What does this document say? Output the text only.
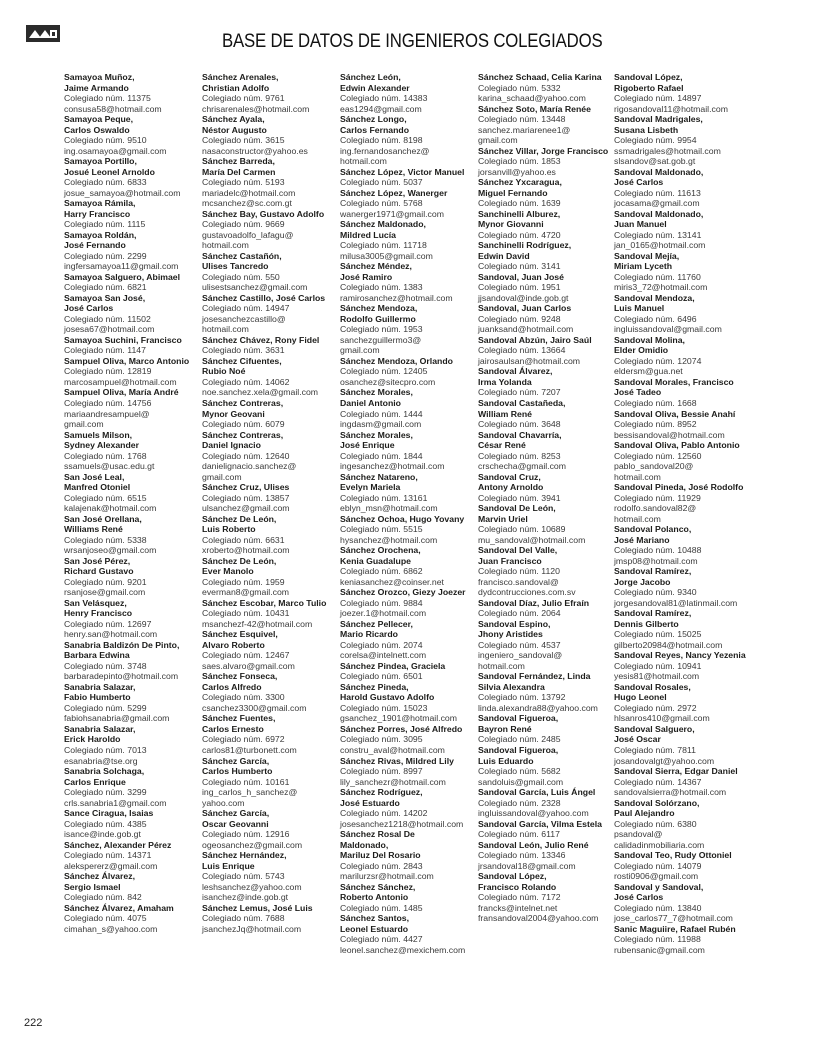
BASE DE DATOS DE INGENIEROS COLEGIADOS
Samayoa Muñoz,
Jaime Armando
Colegiado núm. 11375
consusa58@hotmail.com
Samayoa Peque,
Carlos Oswaldo
Colegiado núm. 9510
ing.osamayoa@gmail.com
Samayoa Portillo,
Josué Leonel Arnoldo
Colegiado núm. 6833
josue_samayoa@hotmail.com
Samayoa Rámila,
Harry Francisco
Colegiado núm. 1115
Samayoa Roldán,
José Fernando
Colegiado núm. 2299
ingfersamayoa11@gmail.com
Samayoa Salguero, Abimael
Colegiado núm. 6821
Samayoa San José,
José Carlos
Colegiado núm. 11502
josesa67@hotmail.com
Samayoa Suchini, Francisco
Colegiado núm. 1147
Sampuel Oliva, Marco Antonio
Colegiado núm. 12819
marcosampuel@hotmail.com
Sampuel Oliva, María André
Colegiado núm. 14756
mariaandresampuel@
gmail.com
Samuels Milson,
Sydney Alexander
Colegiado núm. 1768
ssamuels@usac.edu.gt
San José Leal,
Manfred Otoniel
Colegiado núm. 6515
kalajenak@hotmail.com
San José Orellana,
Williams René
Colegiado núm. 5338
wrsanjoseo@gmail.com
San José Pérez,
Richard Gustavo
Colegiado núm. 9201
rsanjose@gmail.com
San Velásquez,
Henry Francisco
Colegiado núm. 12697
henry.san@hotmail.com
Sanabria Baldizón De Pinto,
Barbara Edwina
Colegiado núm. 3748
barbaradepinto@hotmail.com
Sanabria Salazar,
Fabio Humberto
Colegiado núm. 5299
fabiohsanabria@gmail.com
Sanabria Salazar,
Erick Haroldo
Colegiado núm. 7013
esanabria@tse.org
Sanabria Solchaga,
Carlos Enrique
Colegiado núm. 3299
crls.sanabria1@gmail.com
Sance Ciragua, Isaias
Colegiado núm. 4385
isance@inde.gob.gt
Sánchez, Alexander Pérez
Colegiado núm. 14371
alekspererz@gmail.com
Sánchez Álvarez,
Sergio Ismael
Colegiado núm. 842
Sánchez Álvarez, Amaham
Colegiado núm. 4075
cimahan_s@yahoo.com
Sánchez Arenales,
Christian Adolfo
Colegiado núm. 9761
chrisarenales@hotmail.com
Sánchez Ayala,
Néstor Augusto
Colegiado núm. 3615
nasaconstructor@yahoo.es
Sánchez Barreda,
María Del Carmen
Colegiado núm. 5193
mariadelc@hotmail.com
mcsanchez@sc.com.gt
Sánchez Bay, Gustavo Adolfo
Colegiado núm. 9669
gustavoadolfo_lafagu@
hotmail.com
Sánchez Castañón,
Ulises Tancredo
Colegiado núm. 550
ulisestsanchez@gmail.com
Sánchez Castillo, José Carlos
Colegiado núm. 14947
josesanchezcastillo@
hotmail.com
Sánchez Chávez, Rony Fidel
Colegiado núm. 3631
Sánchez Cifuentes,
Rubio Noé
Colegiado núm. 14062
noe.sanchez.xela@gmail.com
Sánchez Contreras,
Mynor Geovani
Colegiado núm. 6079
Sánchez Contreras,
Daniel Ignacio
Colegiado núm. 12640
danielignacio.sanchez@
gmail.com
Sánchez Cruz, Ulises
Colegiado núm. 13857
ulsanchez@gmail.com
Sánchez De León,
Luis Roberto
Colegiado núm. 6631
xroberto@hotmail.com
Sánchez De León,
Ever Manolo
Colegiado núm. 1959
everman8@gmail.com
Sánchez Escobar, Marco Tulio
Colegiado núm. 10431
msanchezf-42@hotmail.com
Sánchez Esquivel,
Alvaro Roberto
Colegiado núm. 12467
saes.alvaro@gmail.com
Sánchez Fonseca,
Carlos Alfredo
Colegiado núm. 3300
csanchez3300@gmail.com
Sánchez Fuentes,
Carlos Ernesto
Colegiado núm. 6972
carlos81@turbonett.com
Sánchez García,
Carlos Humberto
Colegiado núm. 10161
ing_carlos_h_sanchez@
yahoo.com
Sánchez García,
Oscar Geovanni
Colegiado núm. 12916
ogeosanchez@gmail.com
Sánchez Hernández,
Luis Enrique
Colegiado núm. 5743
leshsanchez@yahoo.com
isanchez@inde.gob.gt
Sánchez Lemus, José Luis
Colegiado núm. 7688
jsanchezJq@hotmail.com
Sánchez León,
Edwin Alexander
Colegiado núm. 14383
eas1294@gmail.com
Sánchez Longo,
Carlos Fernando
Colegiado núm. 8198
ing.fernandosanchez@
hotmail.com
Sánchez López, Victor Manuel
Colegiado núm. 5037
Sánchez López, Wanerger
Colegiado núm. 5768
wanerger1971@gmail.com
Sánchez Maldonado,
Mildred Lucía
Colegiado núm. 11718
milusa3005@gmail.com
Sánchez Méndez,
José Ramiro
Colegiado núm. 1383
ramirosanchez@hotmail.com
Sánchez Mendoza,
Rodolfo Guillermo
Colegiado núm. 1953
sanchezguillermo3@
gmail.com
Sánchez Mendoza, Orlando
Colegiado núm. 12405
osanchez@sitecpro.com
Sánchez Morales,
Daniel Antonio
Colegiado núm. 1444
ingdasm@gmail.com
Sánchez Morales,
José Enrique
Colegiado núm. 1844
ingesanchez@hotmail.com
Sánchez Natareno,
Evelyn Mariela
Colegiado núm. 13161
eblyn_msn@hotmail.com
Sánchez Ochoa, Hugo Yovany
Colegiado núm. 5515
hysanchez@hotmail.com
Sánchez Orochena,
Kenia Guadalupe
Colegiado núm. 6862
keniasanchez@coinser.net
Sánchez Orozco, Giezy Joezer
Colegiado núm. 9884
joezer.1@hotmail.com
Sánchez Pellecer,
Mario Ricardo
Colegiado núm. 2074
corelsa@intelnett.com
Sánchez Pindea, Graciela
Colegiado núm. 6501
Sánchez Pineda,
Harold Gustavo Adolfo
Colegiado núm. 15023
gsanchez_1901@hotmail.com
Sánchez Porres, José Alfredo
Colegiado núm. 3095
constru_aval@hotmail.com
Sánchez Rivas, Mildred Lily
Colegiado núm. 8997
lily_sanchezr@hotmail.com
Sánchez Rodríguez,
José Estuardo
Colegiado núm. 14202
josesanchez1218@hotmail.com
Sánchez Rosal De
Maldonado,
Mariluz Del Rosario
Colegiado núm. 2843
marilurzsr@hotmail.com
Sánchez Sánchez,
Roberto Antonio
Colegiado núm. 1485
Sánchez Santos,
Leonel Estuardo
Colegiado núm. 4427
leonel.sanchez@mexichem.com
Sánchez Schaad, Celia Karina
Colegiado núm. 5332
karina_schaad@yahoo.com
Sánchez Soto, María Renée
Colegiado núm. 13448
sanchez.mariarenee1@
gmail.com
Sánchez Villar, Jorge Francisco
Colegiado núm. 1853
jorsanvill@yahoo.es
Sánchez Yxcaragua,
Miguel Fernando
Colegiado núm. 1639
Sanchinelli Alburez,
Mynor Giovanni
Colegiado núm. 4720
Sanchinelli Rodríguez,
Edwin David
Colegiado núm. 3141
Sandoval, Juan José
Colegiado núm. 1951
jjsandoval@inde.gob.gt
Sandoval, Juan Carlos
Colegiado núm. 9248
juanksand@hotmail.com
Sandoval Abzún, Jairo Saúl
Colegiado núm. 13664
jairosaulsan@hotmail.com
Sandoval Álvarez,
Irma Yolanda
Colegiado núm. 7207
Sandoval Castañeda,
William René
Colegiado núm. 3648
Sandoval Chavarría,
César René
Colegiado núm. 8253
crschecha@gmail.com
Sandoval Cruz,
Antony Arnoldo
Colegiado núm. 3941
Sandoval De León,
Marvin Uriel
Colegiado núm. 10689
mu_sandoval@hotmail.com
Sandoval Del Valle,
Juan Francisco
Colegiado núm. 1120
francisco.sandoval@
dydcontrucciones.com.sv
Sandoval Díaz, Julio Efraín
Colegiado núm. 2064
Sandoval Espino,
Jhony Aristides
Colegiado núm. 4537
ingeniero_sandoval@
hotmail.com
Sandoval Fernández, Linda
Silvia Alexandra
Colegiado núm. 13792
linda.alexandra88@yahoo.com
Sandoval Figueroa,
Bayron René
Colegiado núm. 2485
Sandoval Figueroa,
Luis Eduardo
Colegiado núm. 5682
sandoluis@gmail.com
Sandoval García, Luis Ángel
Colegiado núm. 2328
ingluissandoval@yahoo.com
Sandoval García, Vilma Estela
Colegiado núm. 6117
Sandoval León, Julio René
Colegiado núm. 13346
jrsandoval18@gmail.com
Sandoval López,
Francisco Rolando
Colegiado núm. 7172
francks@intelnet.net
fransandoval2004@yahoo.com
Sandoval López,
Rigoberto Rafael
Colegiado núm. 14897
rigosandoval11@hotmail.com
Sandoval Madrigales,
Susana Lisbeth
Colegiado núm. 9954
ssmadrigales@hotmail.com
slsandov@sat.gob.gt
Sandoval Maldonado,
José Carlos
Colegiado núm. 11613
jocasama@gmail.com
Sandoval Maldonado,
Juan Manuel
Colegiado núm. 13141
jan_0165@hotmail.com
Sandoval Mejía,
Miriam Lyceth
Colegiado núm. 11760
miris3_72@hotmail.com
Sandoval Mendoza,
Luis Manuel
Colegiado núm. 6496
ingluissandoval@gmail.com
Sandoval Molina,
Elder Omidio
Colegiado núm. 12074
eldersm@gua.net
Sandoval Morales, Francisco
José Tadeo
Colegiado núm. 1668
Sandoval Oliva, Bessie Anahí
Colegiado núm. 8952
bessisandoval@hotmail.com
Sandoval Oliva, Pablo Antonio
Colegiado núm. 12560
pablo_sandoval20@
hotmail.com
Sandoval Pineda, José Rodolfo
Colegiado núm. 11929
rodolfo.sandoval82@
hotmail.com
Sandoval Polanco,
José Mariano
Colegiado núm. 10488
jmsp08@hotmail.com
Sandoval Ramírez,
Jorge Jacobo
Colegiado núm. 9340
jorgesandoval81@latinmail.com
Sandoval Ramírez,
Dennis Gilberto
Colegiado núm. 15025
gilberto20984@hotmail.com
Sandoval Reyes, Nancy Yezenia
Colegiado núm. 10941
yesis81@hotmail.com
Sandoval Rosales,
Hugo Leonel
Colegiado núm. 2972
hlsanros410@gmail.com
Sandoval Salguero,
José Oscar
Colegiado núm. 7811
josandovalgt@yahoo.com
Sandoval Sierra, Edgar Daniel
Colegiado núm. 14367
sandovalsierra@hotmail.com
Sandoval Solórzano,
Paul Alejandro
Colegiado núm. 6380
psandoval@
calidadinmobiliaria.com
Sandoval Teo, Rudy Ottoniel
Colegiado núm. 14079
rosti0906@gmail.com
Sandoval y Sandoval,
José Carlos
Colegiado núm. 13840
jose_carlos77_7@hotmail.com
Sanic Maguiire, Rafael Rubén
Colegiado núm. 11988
rubensanic@gmail.com
222
